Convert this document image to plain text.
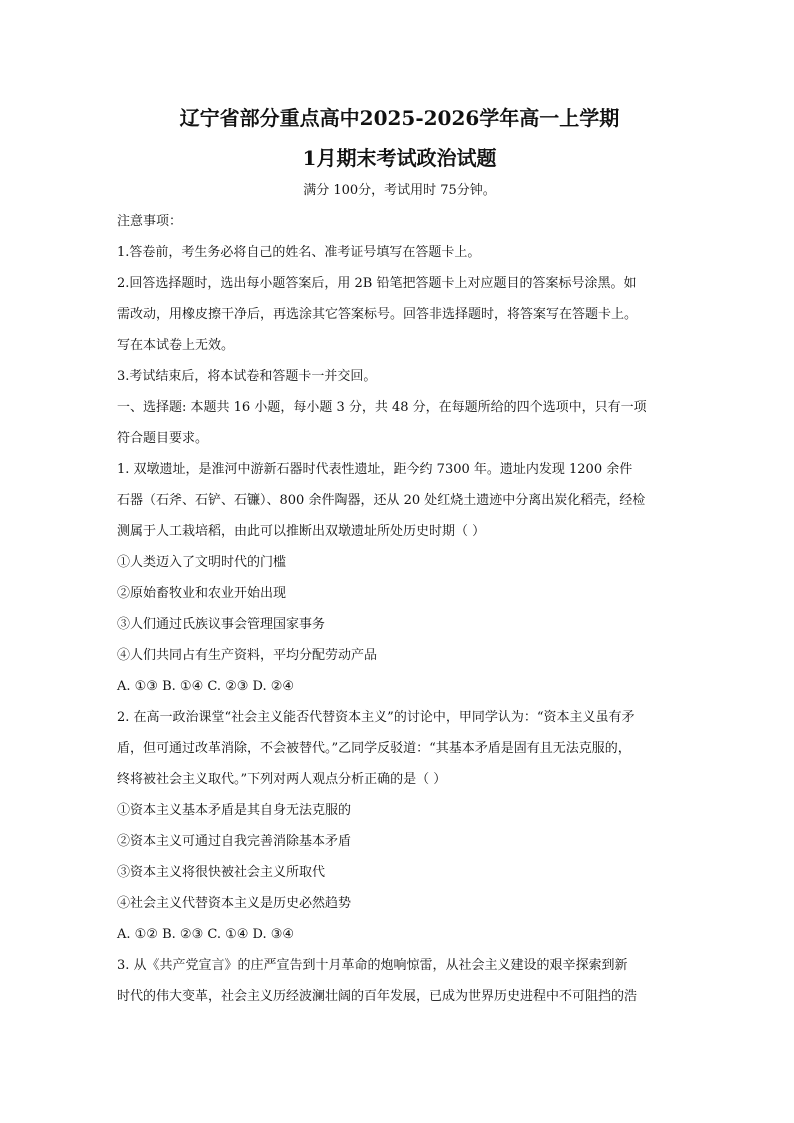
辽宁省部分重点高中2025-2026学年高一上学期
1月期末考试政治试题
满分 100分，考试用时 75分钟。

注意事项：

1.答卷前，考生务必将自己的姓名、准考证号填写在答题卡上。

2.回答选择题时，选出每小题答案后，用 2B 铅笔把答题卡上对应题目的答案标号涂黑。如

需改动，用橡皮擦干净后，再选涂其它答案标号。回答非选择题时，将答案写在答题卡上。

写在本试卷上无效。

3.考试结束后，将本试卷和答题卡一并交回。

一、选择题: 本题共 16 小题，每小题 3 分，共 48 分，在每题所给的四个选项中，只有一项

符合题目要求。

1. 双墩遗址，是淮河中游新石器时代表性遗址，距今约 7300 年。遗址内发现 1200 余件

石器（石斧、石铲、石镰）、800 余件陶器，还从 20 处红烧土遗迹中分离出炭化稻壳，经检

测属于人工栽培稻，由此可以推断出双墩遗址所处历史时期（ ）

①人类迈入了文明时代的门槛

②原始畜牧业和农业开始出现

③人们通过氏族议事会管理国家事务

④人们共同占有生产资料，平均分配劳动产品

A. ①③ B. ①④ C. ②③ D. ②④

2. 在高一政治课堂“社会主义能否代替资本主义”的讨论中，甲同学认为：“资本主义虽有矛

盾，但可通过改革消除，不会被替代。”乙同学反驳道：“其基本矛盾是固有且无法克服的，

终将被社会主义取代。”下列对两人观点分析正确的是（ ）

①资本主义基本矛盾是其自身无法克服的

②资本主义可通过自我完善消除基本矛盾

③资本主义将很快被社会主义所取代

④社会主义代替资本主义是历史必然趋势

A. ①② B. ②③ C. ①④ D. ③④

3. 从《共产党宣言》的庄严宣告到十月革命的炮响惊雷，从社会主义建设的艰辛探索到新

时代的伟大变革，社会主义历经波澜壮阔的百年发展，已成为世界历史进程中不可阻挡的浩
